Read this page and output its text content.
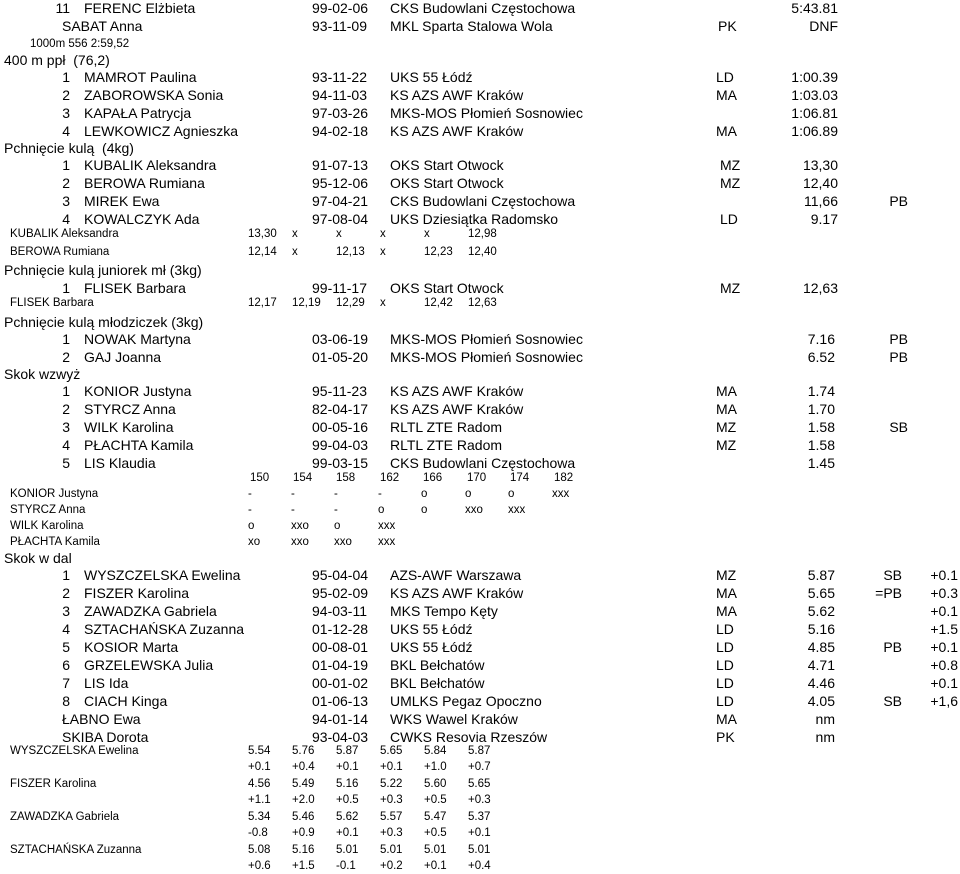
11 FERENC Elżbieta	99-02-06 CKS Budowlani Częstochowa	5:43.81
SABAT Anna	93-11-09 MKL Sparta Stalowa Wola	PK	DNF
1000m 556 2:59,52
400 m ppł  (76,2)
1 MAMROT Paulina	93-11-22 UKS 55 Łódź	LD	1:00.39
2 ZABOROWSKA Sonia	94-11-03 KS AZS AWF Kraków	MA	1:03.03
3 KAPAŁA Patrycja	97-03-26 MKS-MOS Płomień Sosnowiec	1:06.81
4 LEWKOWICZ Agnieszka	94-02-18 KS AZS AWF Kraków	MA	1:06.89
Pchnięcie kulą  (4kg)
1 KUBALIK Aleksandra	91-07-13 OKS Start Otwock	MZ	13,30
2 BEROWA Rumiana	95-12-06 OKS Start Otwock	MZ	12,40
3 MIREK Ewa	97-04-21 CKS Budowlani Częstochowa	11,66	PB
4 KOWALCZYK Ada	97-08-04 UKS Dziesiątka Radomsko	LD	9.17
KUBALIK Aleksandra	13,30 x	x	x	x	12,98
BEROWA Rumiana	12,14 x	12,13 x	12,23 12,40
Pchnięcie kulą juniorek mł (3kg)
1 FLISEK Barbara	99-11-17 OKS Start Otwock	MZ	12,63
FLISEK Barbara	12,17 12,19 12,29 x	12,42 12,63
Pchnięcie kulą młodziczek (3kg)
1 NOWAK Martyna	03-06-19 MKS-MOS Płomień Sosnowiec	7.16	PB
2 GAJ Joanna	01-05-20 MKS-MOS Płomień Sosnowiec	6.52	PB
Skok wzwyż
1 KONIOR Justyna	95-11-23 KS AZS AWF Kraków	MA	1.74
2 STYRCZ Anna	82-04-17 KS AZS AWF Kraków	MA	1.70
3 WILK Karolina	00-05-16 RLTL ZTE Radom	MZ	1.58	SB
4 PŁACHTA Kamila	99-04-03 RLTL ZTE Radom	MZ	1.58
5 LIS Klaudia	99-03-15 CKS Budowlani Częstochowa	1.45
150 154 158 162 166 170 174 182
KONIOR Justyna	-	-	-	-	o	o	o	xxx
STYRCZ Anna	-	-	-	o	o	xxo xxx
WILK Karolina	o	xxo o	xxx
PŁACHTA Kamila	xo	xxo xxo xxx
Skok w dal
1 WYSZCZELSKA Ewelina	95-04-04 AZS-AWF Warszawa	MZ	5.87	SB +0.1
2 FISZER Karolina	95-02-09 KS AZS AWF Kraków	MA	5.65	=PB +0.3
3 ZAWADZKA Gabriela	94-03-11 MKS Tempo Kęty	MA	5.62	+0.1
4 SZTACHAŃSKA Zuzanna	01-12-28 UKS 55 Łódź	LD	5.16	+1.5
5 KOSIOR Marta	00-08-01 UKS 55 Łódź	LD	4.85	PB +0.1
6 GRZELEWSKA Julia	01-04-19 BKL Bełchatów	LD	4.71	+0.8
7 LIS Ida	00-01-02 BKL Bełchatów	LD	4.46	+0.1
8 CIACH Kinga	01-06-13 UMLKS Pegaz Opoczno	LD	4.05	SB +1,6
ŁABNO Ewa	94-01-14 WKS Wawel Kraków	MA	nm
SKIBA Dorota	93-04-03 CWKS Resovia Rzeszów	PK	nm
WYSZCZELSKA Ewelina	5.54 5.76 5.87 5.65 5.84 5.87
+0.1 +0.4 +0.1 +0.1 +1.0 +0.7
FISZER Karolina	4.56 5.49 5.16 5.22 5.60 5.65
+1.1 +2.0 +0.5 +0.3 +0.5 +0.3
ZAWADZKA Gabriela	5.34 5.46 5.62 5.57 5.47 5.37
-0.8 +0.9 +0.1 +0.3 +0.5 +0.1
SZTACHAŃSKA Zuzanna	5.08 5.16 5.01 5.01 5.01 5.01
+0.6 +1.5 -0.1 +0.2 +0.1 +0.4
